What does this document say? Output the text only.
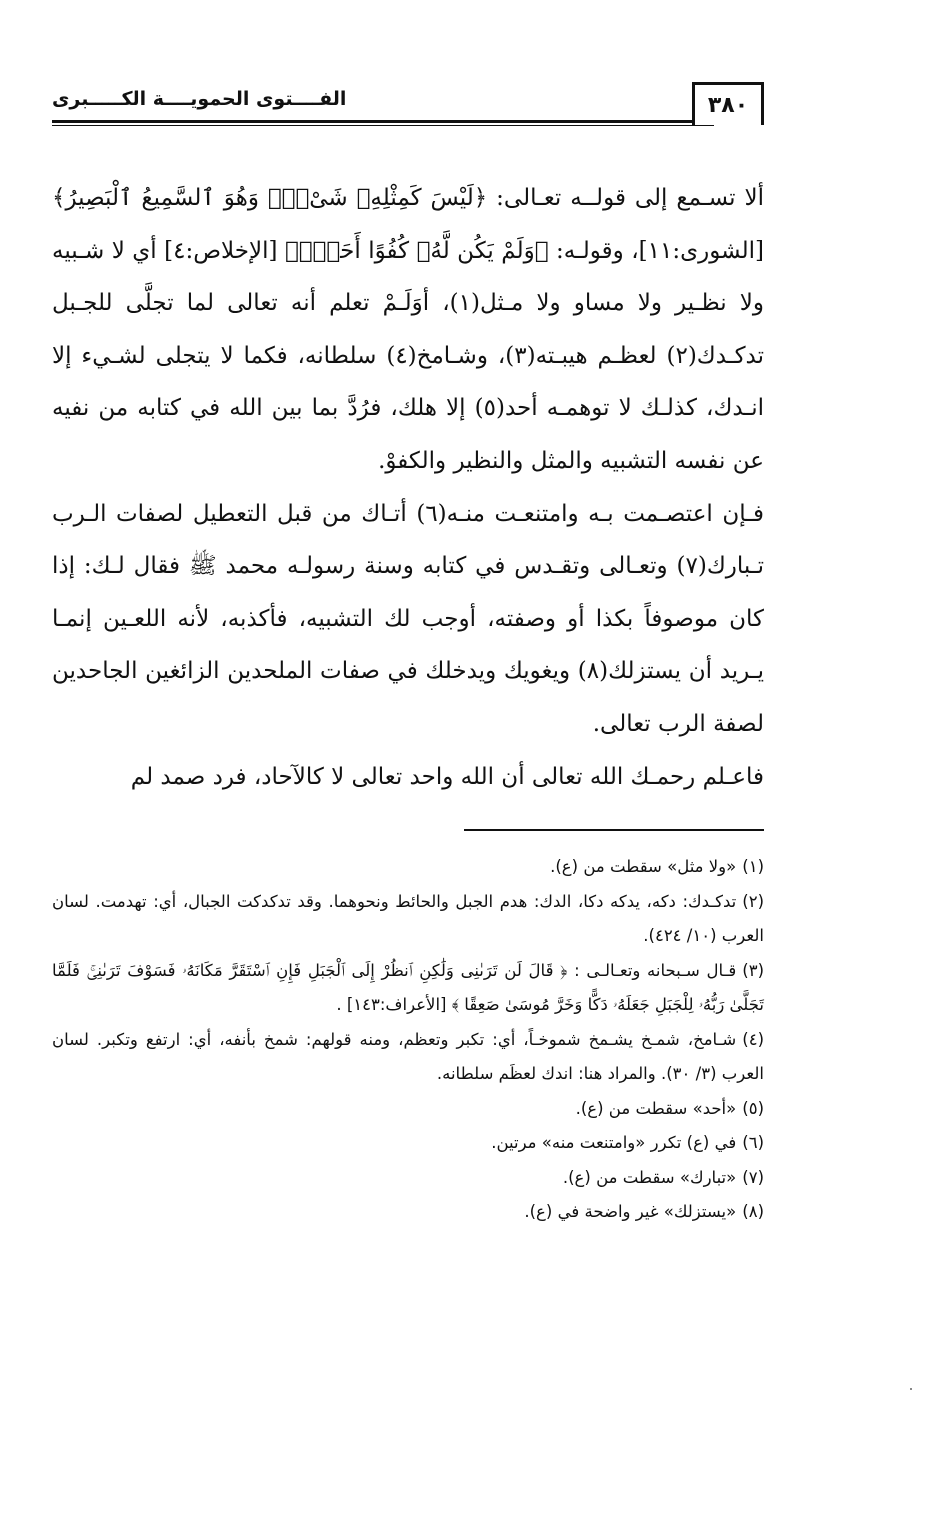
الفــــتوى الحمويــــة الكـــــبرى	٣٨٠

ألا تسـمع إلى قولــه تعـالى: ﴿لَيْسَ كَمِثْلِهِۦ شَىْءٌۖ وَهُوَ ٱلسَّمِيعُ ٱلْبَصِيرُ﴾ [الشورى:١١]، وقولـه: ﴿وَلَمْ يَكُن لَّهُۥ كُفُوًا أَحَدٌۢ﴾ [الإخلاص:٤] أي لا شـبيه ولا نظـير ولا مساو ولا مـثل(١)، أوَلَـمْ تعلم أنه تعالى لما تجلَّى للجـبل تدكـدك(٢) لعظـم هيبـته(٣)، وشـامخ(٤) سلطانه، فكما لا يتجلى لشـيء إلا انـدك، كذلـك لا توهمـه أحد(٥) إلا هلك، فرُدَّ بما بين الله في كتابه من نفيه عن نفسه التشبيه والمثل والنظير والكفوْ.

فـإن اعتصـمت بـه وامتنعـت منـه(٦) أتـاك من قبل التعطيل لصفات الـرب تـبارك(٧) وتعـالى وتقـدس في كتابه وسنة رسولـه محمد ﷺ فقال لـك: إذا كان موصوفاً بكذا أو وصفته، أوجب لك التشبيه، فأكذبه، لأنه اللعـين إنمـا يـريد أن يستزلك(٨) ويغويك ويدخلك في صفات الملحدين الزائغين الجاحدين لصفة الرب تعالى.

فاعـلم رحمـك الله تعالى أن الله واحد تعالى لا كالآحاد، فرد صمد لم

(١)«ولا مثل» سقطت من (ع).

(٢)تدكـدك: دكه، يدكه دكا، الدك: هدم الجبل والحائط ونحوهما. وقد تدكدكت الجبال، أي: تهدمت. لسان العرب (١٠/ ٤٢٤).

(٣)قـال سـبحانه وتعـالـى : ﴿ قَالَ لَن تَرَىٰنِى وَلَٰكِنِ ٱنظُرْ إِلَى ٱلْجَبَلِ فَإِنِ ٱسْتَقَرَّ مَكَانَهُۥ فَسَوْفَ تَرَىٰنِىۚ فَلَمَّا تَجَلَّىٰ رَبُّهُۥ لِلْجَبَلِ جَعَلَهُۥ دَكًّا وَخَرَّ مُوسَىٰ صَعِقًا ﴾ [الأعراف:١٤٣] .

(٤)شـامخ، شمـخ يشـمخ شموخـاً، أي: تكبر وتعظم، ومنه قولهم: شمخ بأنفه، أي: ارتفع وتكبر. لسان العرب (٣/ ٣٠). والمراد هنا: اندك لعظَم سلطانه.

(٥)«أحد» سقطت من (ع).

(٦)في (ع) تكرر «وامتنعت منه» مرتين.

(٧)«تبارك» سقطت من (ع).

(٨)«يستزلك» غير واضحة في (ع).
